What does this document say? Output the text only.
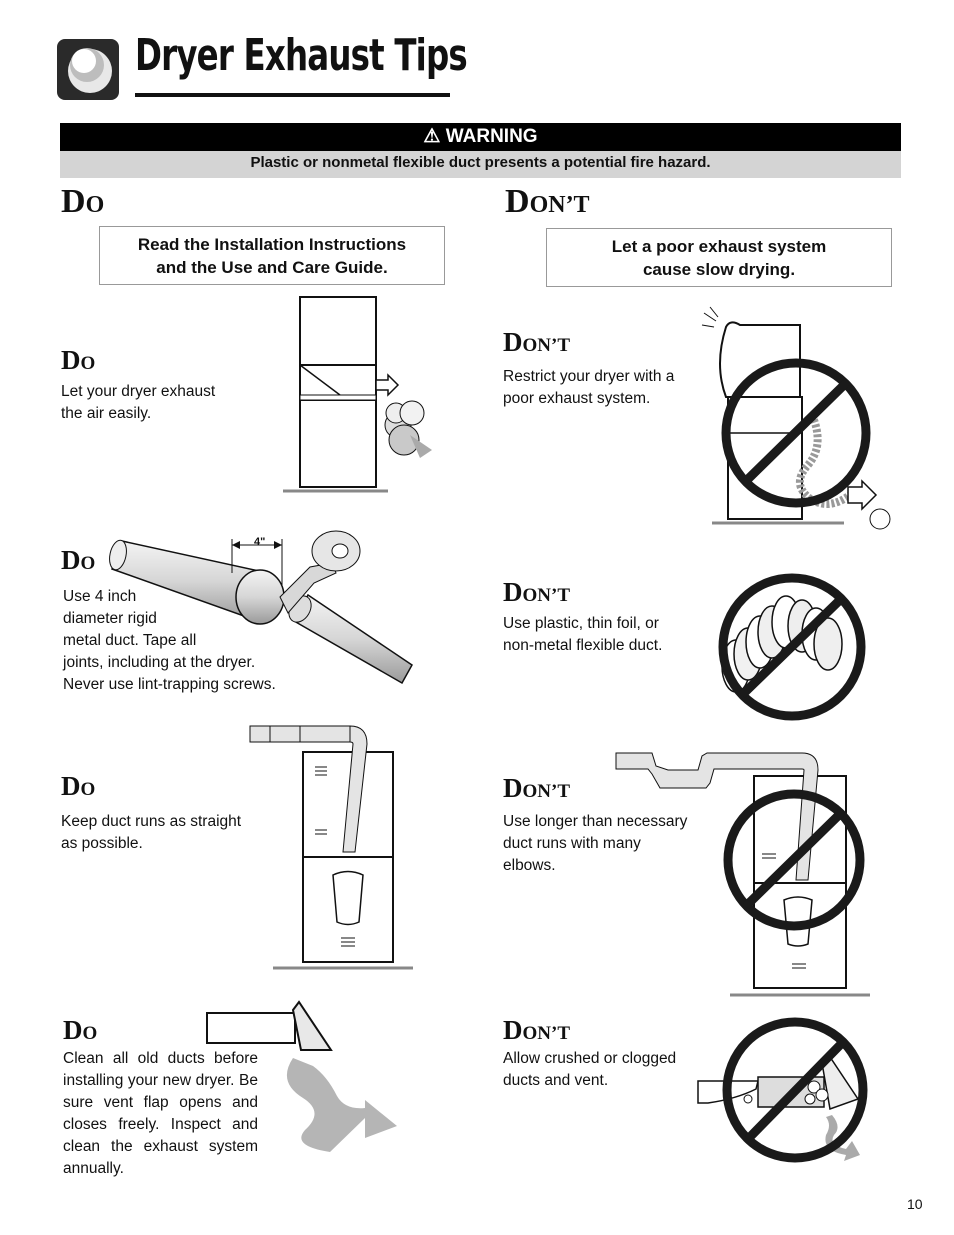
Dryer Exhaust Tips
⚠ WARNING
Plastic or nonmetal flexible duct presents a potential fire hazard.
DO	DON’T
Read the Installation Instructions
and the Use and Care Guide.
Let a poor exhaust system
cause slow drying.
DO
Let your dryer exhaust
the air easily.
DO
Use 4 inch
diameter rigid
metal duct. Tape all
joints, including at the dryer.
Never use lint-trapping screws.
4"
DO
Keep duct runs as straight
as possible.
DO
Clean all old ducts before installing your new dryer. Be sure vent flap opens and closes freely. Inspect and clean the exhaust system annually.
DON’T
Restrict your dryer with a
poor exhaust system.
DON’T
Use plastic, thin foil, or
non-metal flexible duct.
DON’T
Use longer than necessary
duct runs with many
elbows.
DON’T
Allow crushed or clogged
ducts and vent.
10
